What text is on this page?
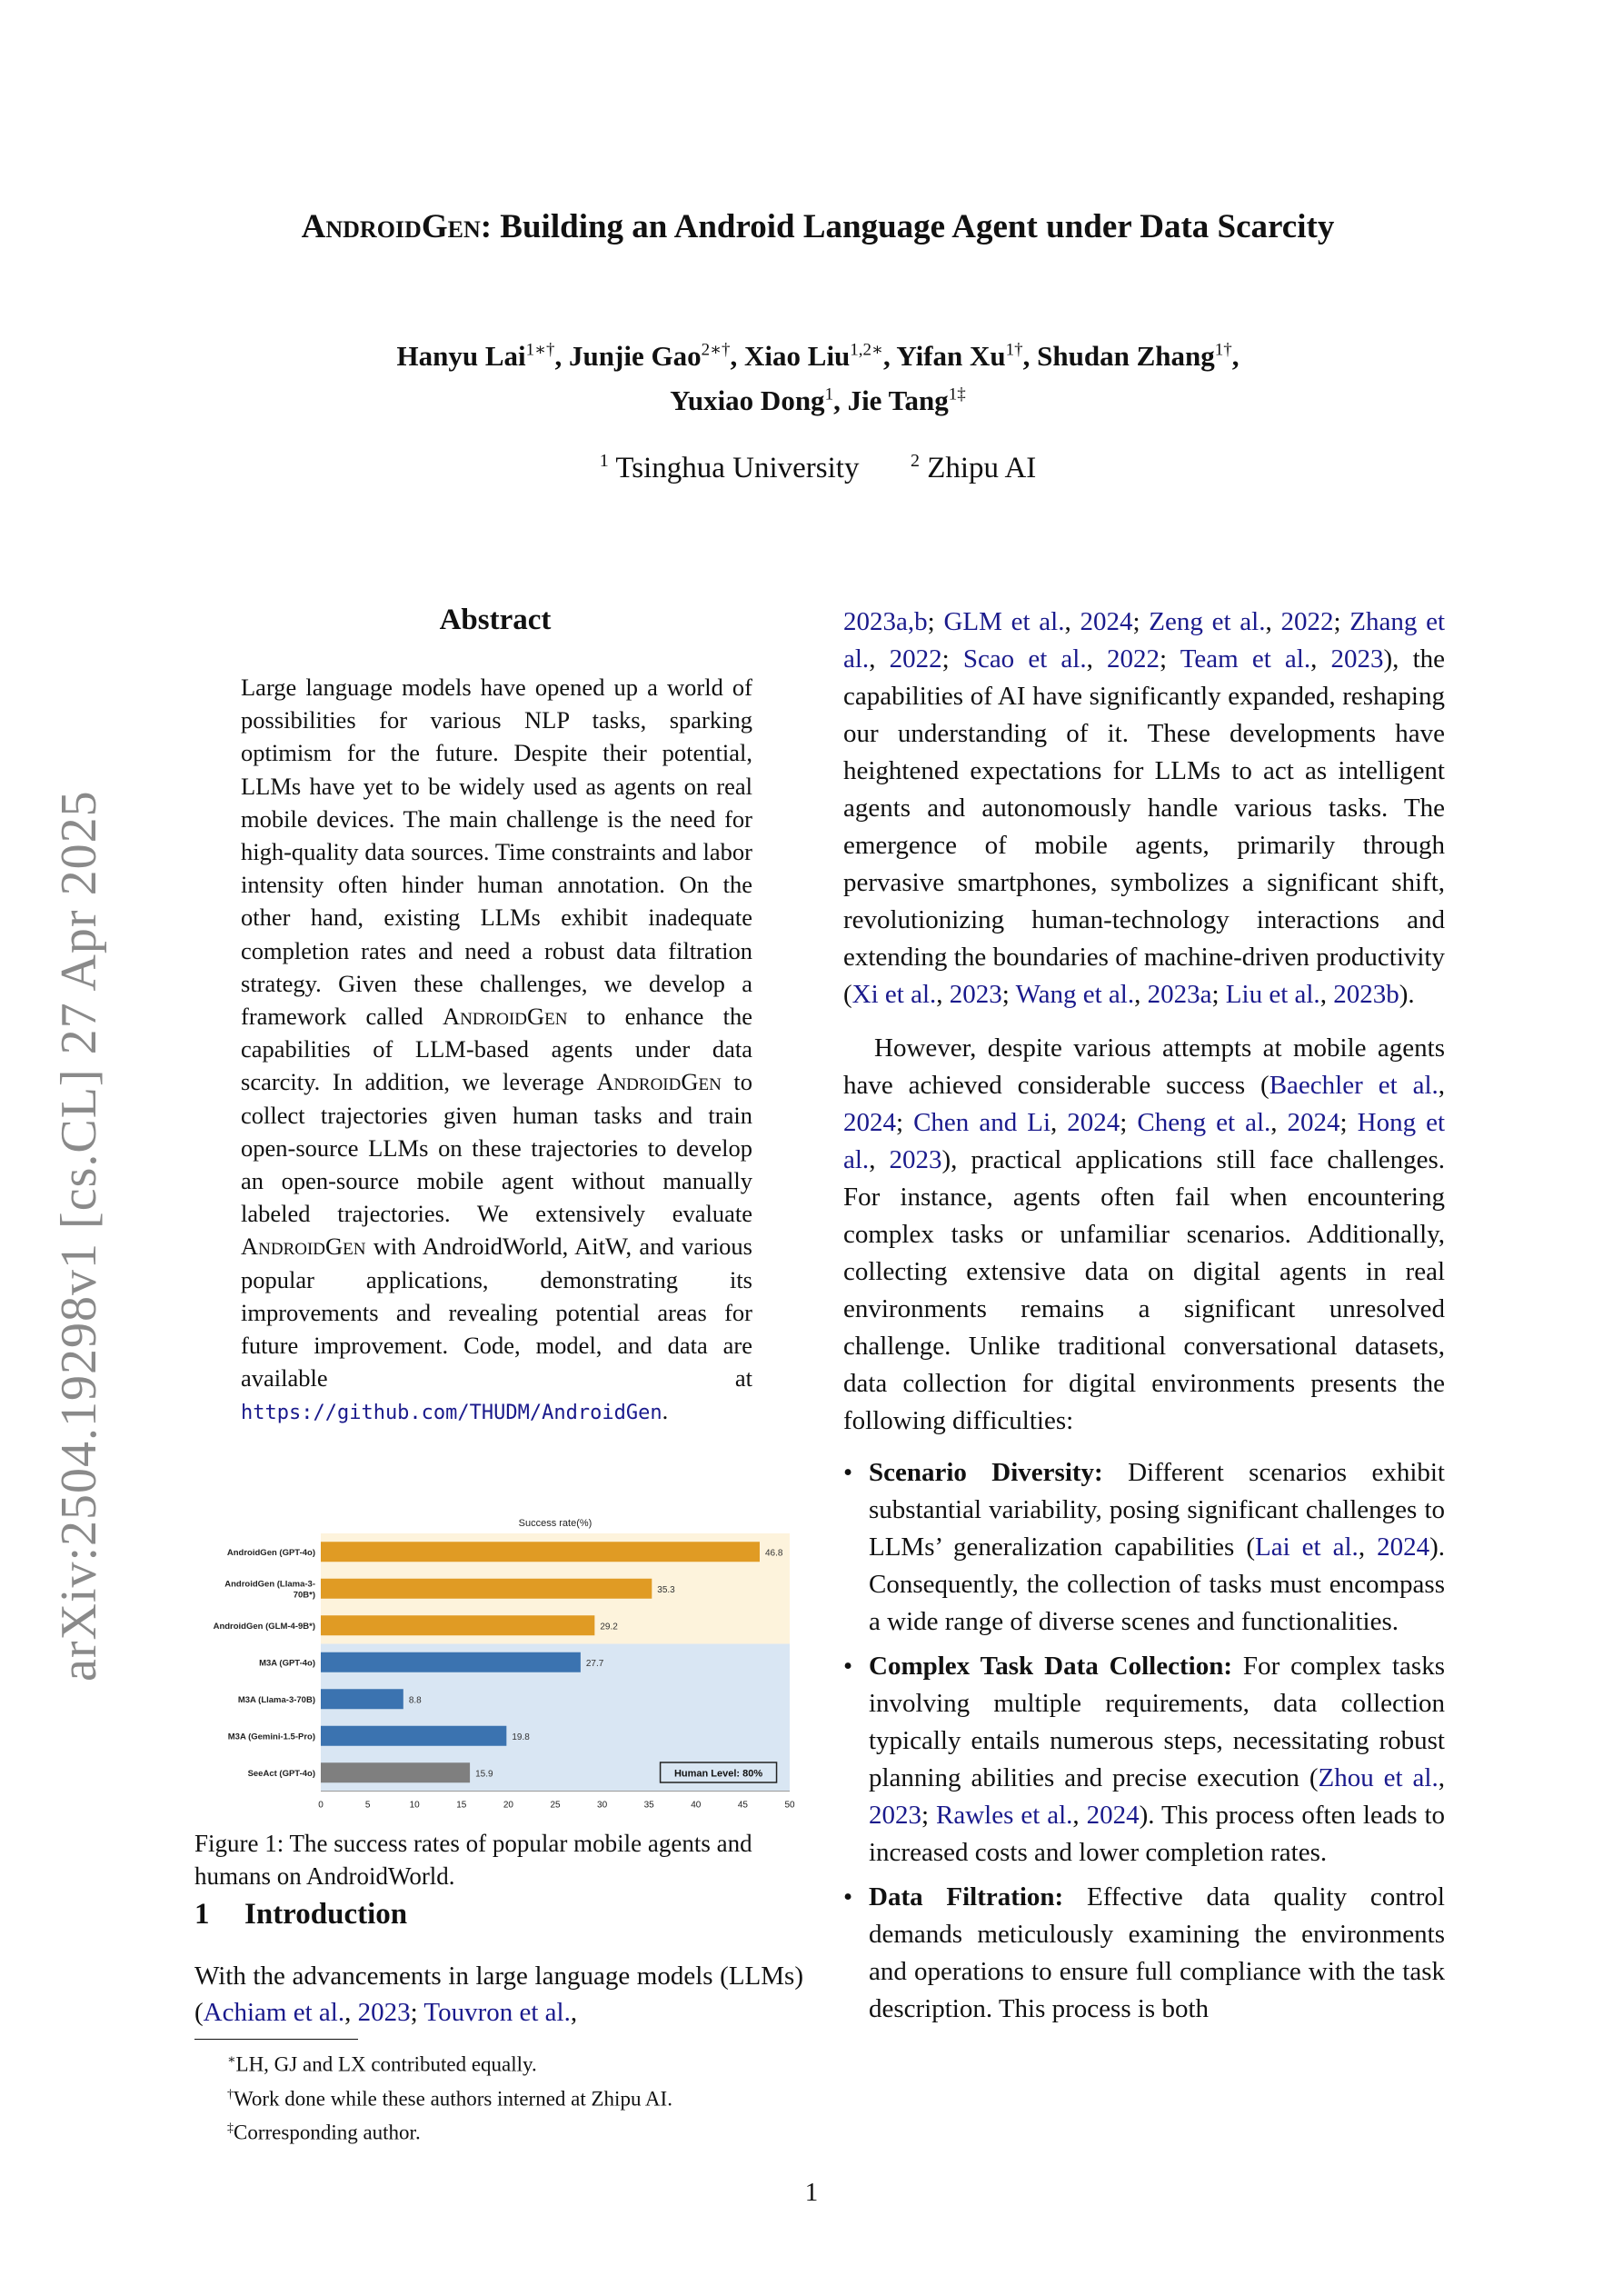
arXiv:2504.19298v1 [cs.CL] 27 Apr 2025
AndroidGen: Building an Android Language Agent under Data Scarcity
Hanyu Lai$^{1∗\dagger}$, Junjie Gao$^{2∗\dagger}$, Xiao Liu$^{1,2∗}$, Yifan $Xu^{1\dagger}$, Shudan Zhang$^{1\dagger}$,
Yuxiao Dong$^1$, Jie Tang$^{1\ddagger}$
$^1$ Tsinghua University	$^2$ Zhipu AI
Abstract
Large language models have opened up a world of possibilities for various NLP tasks, sparking optimism for the future. Despite their potential, LLMs have yet to be widely used as agents on real mobile devices. The main challenge is the need for high-quality data sources. Time constraints and labor intensity often hinder human annotation. On the other hand, existing LLMs exhibit inadequate completion rates and need a robust data filtration strategy. Given these challenges, we develop a framework called AndroidGen to enhance the capabilities of LLM-based agents under data scarcity. In addition, we leverage AndroidGen to collect trajectories given human tasks and train open-source LLMs on these trajectories to develop an open-source mobile agent without manually labeled trajectories. We extensively evaluate AndroidGen with AndroidWorld, AitW, and various popular applications, demonstrating its improvements and revealing potential areas for future improvement. Code, model, and data are available at https://github.com/THUDM/AndroidGen.
Success rate(%)
46.8
AndroidGen (GPT-4o)
35.3
AndroidGen (Llama-3-
70B*)
29.2
AndroidGen (GLM-4-9B*)
27.7
M3A (GPT-4o)
8.8
M3A (Llama-3-70B)
19.8
M3A (Gemini-1.5-Pro)
15.9
SeeAct (GPT-4o)
0	5	10	15	20	25	30	35	40	45	50
Human Level: 80%
Figure 1: The success rates of popular mobile agents and humans on AndroidWorld.
1 Introduction
With the advancements in large language models (LLMs) (Achiam et al., 2023; Touvron et al.,
∗LH, GJ and LX contributed equally.
†Work done while these authors interned at Zhipu AI.
‡Corresponding author.

2023a,b; GLM et al., 2024; Zeng et al., 2022; Zhang et al., 2022; Scao et al., 2022; Team et al., 2023), the capabilities of AI have significantly expanded, reshaping our understanding of it. These developments have heightened expectations for LLMs to act as intelligent agents and autonomously handle various tasks. The emergence of mobile agents, primarily through pervasive smartphones, symbolizes a significant shift, revolutionizing human-technology interactions and extending the boundaries of machine-driven productivity (Xi et al., 2023; Wang et al., 2023a; Liu et al., 2023b).

However, despite various attempts at mobile agents have achieved considerable success (Baechler et al., 2024; Chen and Li, 2024; Cheng et al., 2024; Hong et al., 2023), practical applications still face challenges. For instance, agents often fail when encountering complex tasks or unfamiliar scenarios. Additionally, collecting extensive data on digital agents in real environments remains a significant unresolved challenge. Unlike traditional conversational datasets, data collection for digital environments presents the following difficulties:

• Scenario Diversity: Different scenarios exhibit substantial variability, posing significant challenges to LLMs’ generalization capabilities (Lai et al., 2024). Consequently, the collection of tasks must encompass a wide range of diverse scenes and functionalities.
• Complex Task Data Collection: For complex tasks involving multiple requirements, data collection typically entails numerous steps, necessitating robust planning abilities and precise execution (Zhou et al., 2023; Rawles et al., 2024). This process often leads to increased costs and lower completion rates.
• Data Filtration: Effective data quality control demands meticulously examining the environments and operations to ensure full compliance with the task description. This process is both
1
